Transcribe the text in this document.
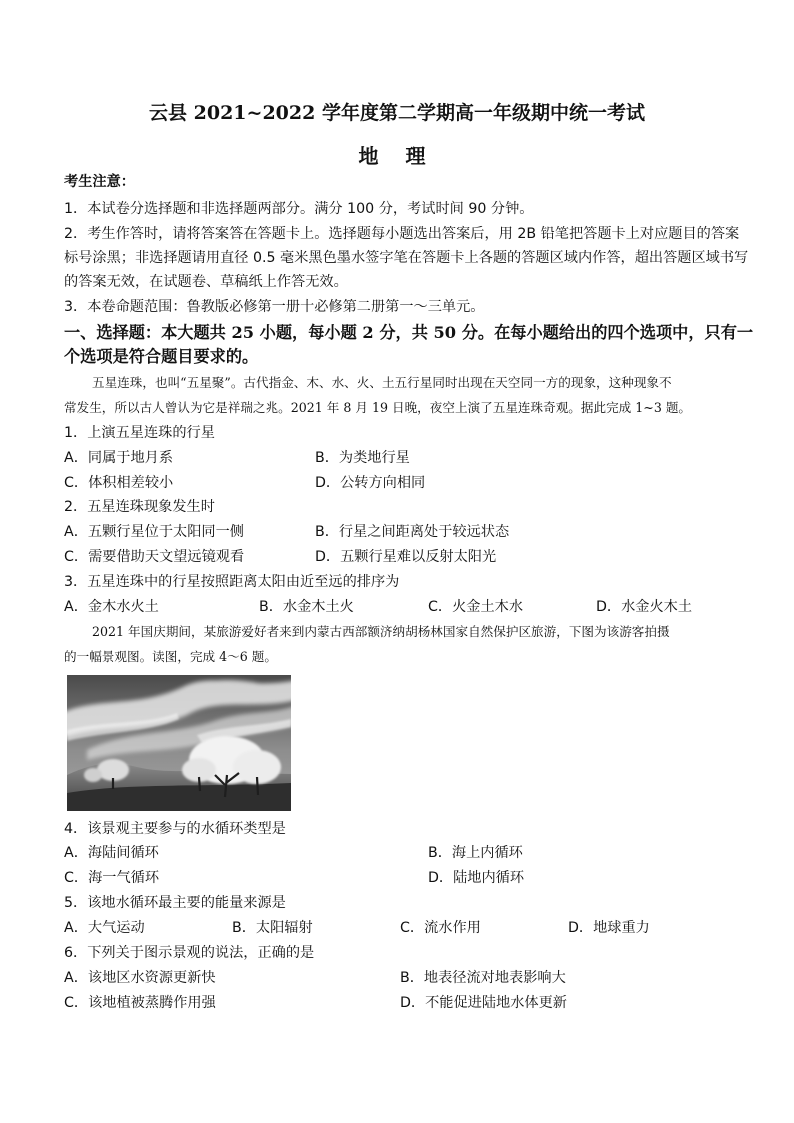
云县 2021~2022 学年度第二学期高一年级期中统一考试
地 理
考生注意：
1．本试卷分选择题和非选择题两部分。满分 100 分，考试时间 90 分钟。
2．考生作答时，请将答案答在答题卡上。选择题每小题选出答案后，用 2B 铅笔把答题卡上对应题目的答案
标号涂黑；非选择题请用直径 0.5 毫米黑色墨水签字笔在答题卡上各题的答题区域内作答，超出答题区域书写
的答案无效，在试题卷、草稿纸上作答无效。
3．本卷命题范围：鲁教版必修第一册十必修第二册第一～三单元。
一、选择题：本大题共 25 小题，每小题 2 分，共 50 分。在每小题给出的四个选项中，只有一
个选项是符合题目要求的。
五星连珠，也叫“五星聚”。古代指金、木、水、火、土五行星同时出现在天空同一方的现象，这种现象不
常发生，所以古人曾认为它是祥瑞之兆。2021 年 8 月 19 日晚，夜空上演了五星连珠奇观。据此完成 1~3 题。
1．上演五星连珠的行星
A．同属于地月系	B．为类地行星
C．体积相差较小	D．公转方向相同
2．五星连珠现象发生时
A．五颗行星位于太阳同一侧	B．行星之间距离处于较远状态
C．需要借助天文望远镜观看	D．五颗行星难以反射太阳光
3．五星连珠中的行星按照距离太阳由近至远的排序为
A．金木水火土	B．水金木土火	C．火金土木水	D．水金火木土
2021 年国庆期间，某旅游爱好者来到内蒙古西部额济纳胡杨林国家自然保护区旅游，下图为该游客拍摄
的一幅景观图。读图，完成 4～6 题。
4．该景观主要参与的水循环类型是
A．海陆间循环	B．海上内循环
C．海一气循环	D．陆地内循环
5．该地水循环最主要的能量来源是
A．大气运动	B．太阳辐射	C．流水作用	D．地球重力
6．下列关于图示景观的说法，正确的是
A．该地区水资源更新快	B．地表径流对地表影响大
C．该地植被蒸腾作用强	D．不能促进陆地水体更新
